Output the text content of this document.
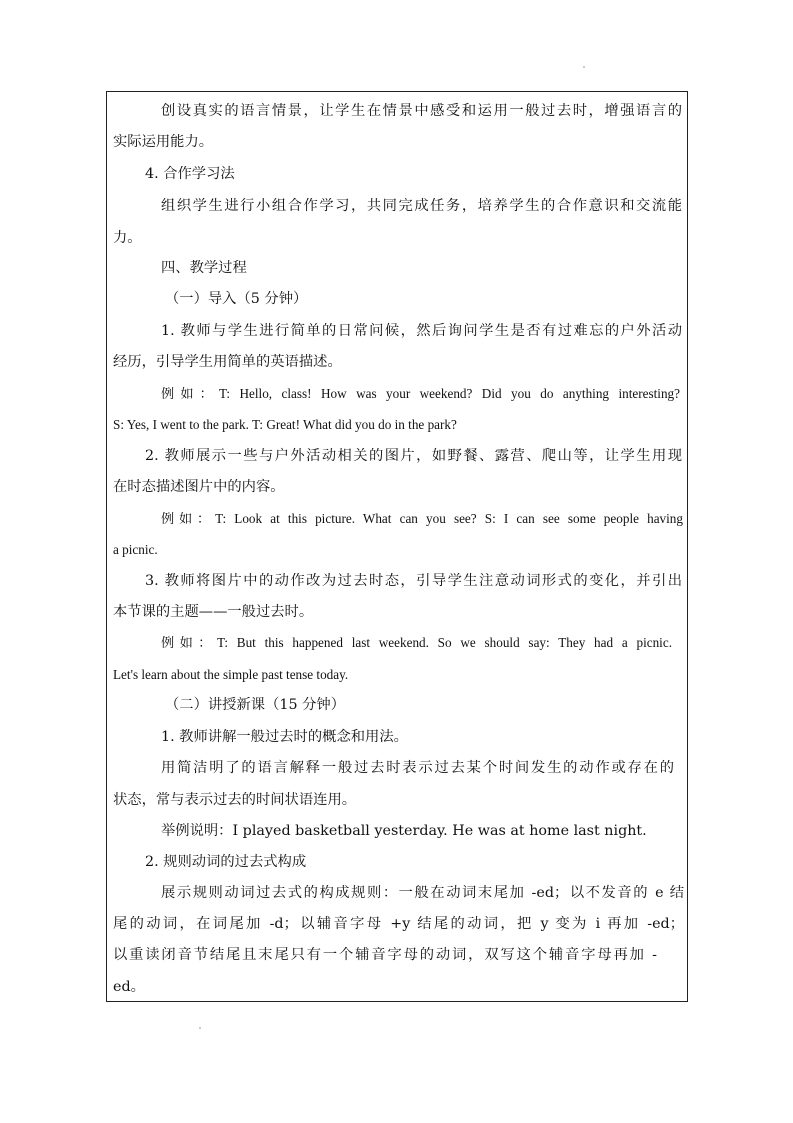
创设真实的语言情景，让学生在情景中感受和运用一般过去时，增强语言的
实际运用能力。
4. 合作学习法
组织学生进行小组合作学习，共同完成任务，培养学生的合作意识和交流能
力。
四、教学过程
（一）导入（5 分钟）
1. 教师与学生进行简单的日常问候，然后询问学生是否有过难忘的户外活动
经历，引导学生用简单的英语描述。
例如：T: Hello, class! How was your weekend? Did you do anything interesting?
S: Yes, I went to the park. T: Great! What did you do in the park?
2. 教师展示一些与户外活动相关的图片，如野餐、露营、爬山等，让学生用现
在时态描述图片中的内容。
例如：T: Look at this picture. What can you see? S: I can see some people having
a picnic.
3. 教师将图片中的动作改为过去时态，引导学生注意动词形式的变化，并引出
本节课的主题——一般过去时。
例如：T: But this happened last weekend. So we should say: They had a picnic.
Let's learn about the simple past tense today.
（二）讲授新课（15 分钟）
1. 教师讲解一般过去时的概念和用法。
用简洁明了的语言解释一般过去时表示过去某个时间发生的动作或存在的
状态，常与表示过去的时间状语连用。
举例说明：I played basketball yesterday. He was at home last night.
2. 规则动词的过去式构成
展示规则动词过去式的构成规则：一般在动词末尾加 -ed；以不发音的 e 结
尾的动词，在词尾加 -d；以辅音字母 +y 结尾的动词，把 y 变为 i 再加 -ed；
以重读闭音节结尾且末尾只有一个辅音字母的动词，双写这个辅音字母再加 -
ed。
